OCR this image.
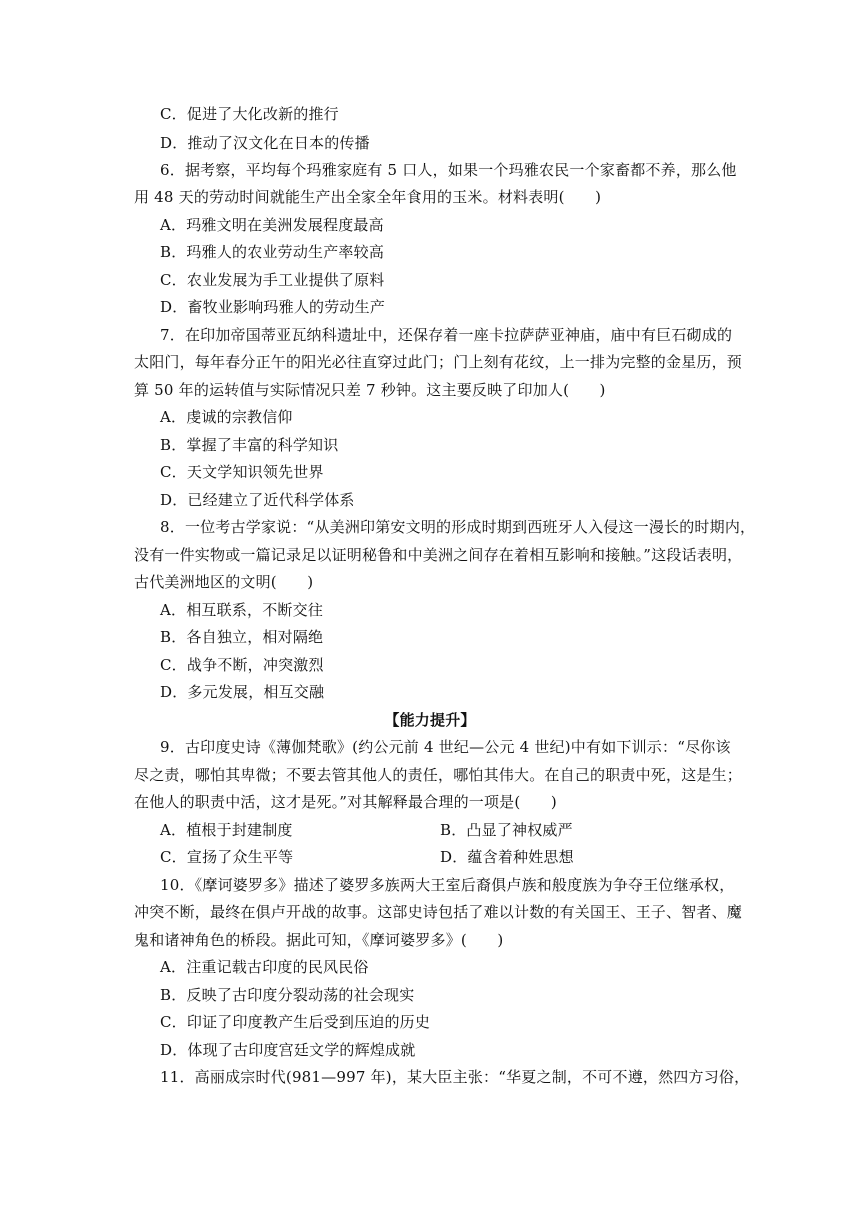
C．促进了大化改新的推行
D．推动了汉文化在日本的传播
6．据考察，平均每个玛雅家庭有 5 口人，如果一个玛雅农民一个家畜都不养，那么他
用 48 天的劳动时间就能生产出全家全年食用的玉米。材料表明(　　)
A．玛雅文明在美洲发展程度最高
B．玛雅人的农业劳动生产率较高
C．农业发展为手工业提供了原料
D．畜牧业影响玛雅人的劳动生产
7．在印加帝国蒂亚瓦纳科遗址中，还保存着一座卡拉萨萨亚神庙，庙中有巨石砌成的
太阳门，每年春分正午的阳光必往直穿过此门；门上刻有花纹，上一排为完整的金星历，预
算 50 年的运转值与实际情况只差 7 秒钟。这主要反映了印加人(　　)
A．虔诚的宗教信仰
B．掌握了丰富的科学知识
C．天文学知识领先世界
D．已经建立了近代科学体系
8．一位考古学家说：“从美洲印第安文明的形成时期到西班牙人入侵这一漫长的时期内，
没有一件实物或一篇记录足以证明秘鲁和中美洲之间存在着相互影响和接触。”这段话表明，
古代美洲地区的文明(　　)
A．相互联系，不断交往
B．各自独立，相对隔绝
C．战争不断，冲突激烈
D．多元发展，相互交融
【能力提升】
9．古印度史诗《薄伽梵歌》(约公元前 4 世纪—公元 4 世纪)中有如下训示：“尽你该
尽之责，哪怕其卑微；不要去管其他人的责任，哪怕其伟大。在自己的职责中死，这是生；
在他人的职责中活，这才是死。”对其解释最合理的一项是(　　)
A．植根于封建制度	B．凸显了神权威严
C．宣扬了众生平等	D．蕴含着种姓思想
10．《摩诃婆罗多》描述了婆罗多族两大王室后裔俱卢族和般度族为争夺王位继承权，
冲突不断，最终在俱卢开战的故事。这部史诗包括了难以计数的有关国王、王子、智者、魔
鬼和诸神角色的桥段。据此可知，《摩诃婆罗多》(　　)
A．注重记载古印度的民风民俗
B．反映了古印度分裂动荡的社会现实
C．印证了印度教产生后受到压迫的历史
D．体现了古印度宫廷文学的辉煌成就
11．高丽成宗时代(981—997 年)，某大臣主张：“华夏之制，不可不遵，然四方习俗，
